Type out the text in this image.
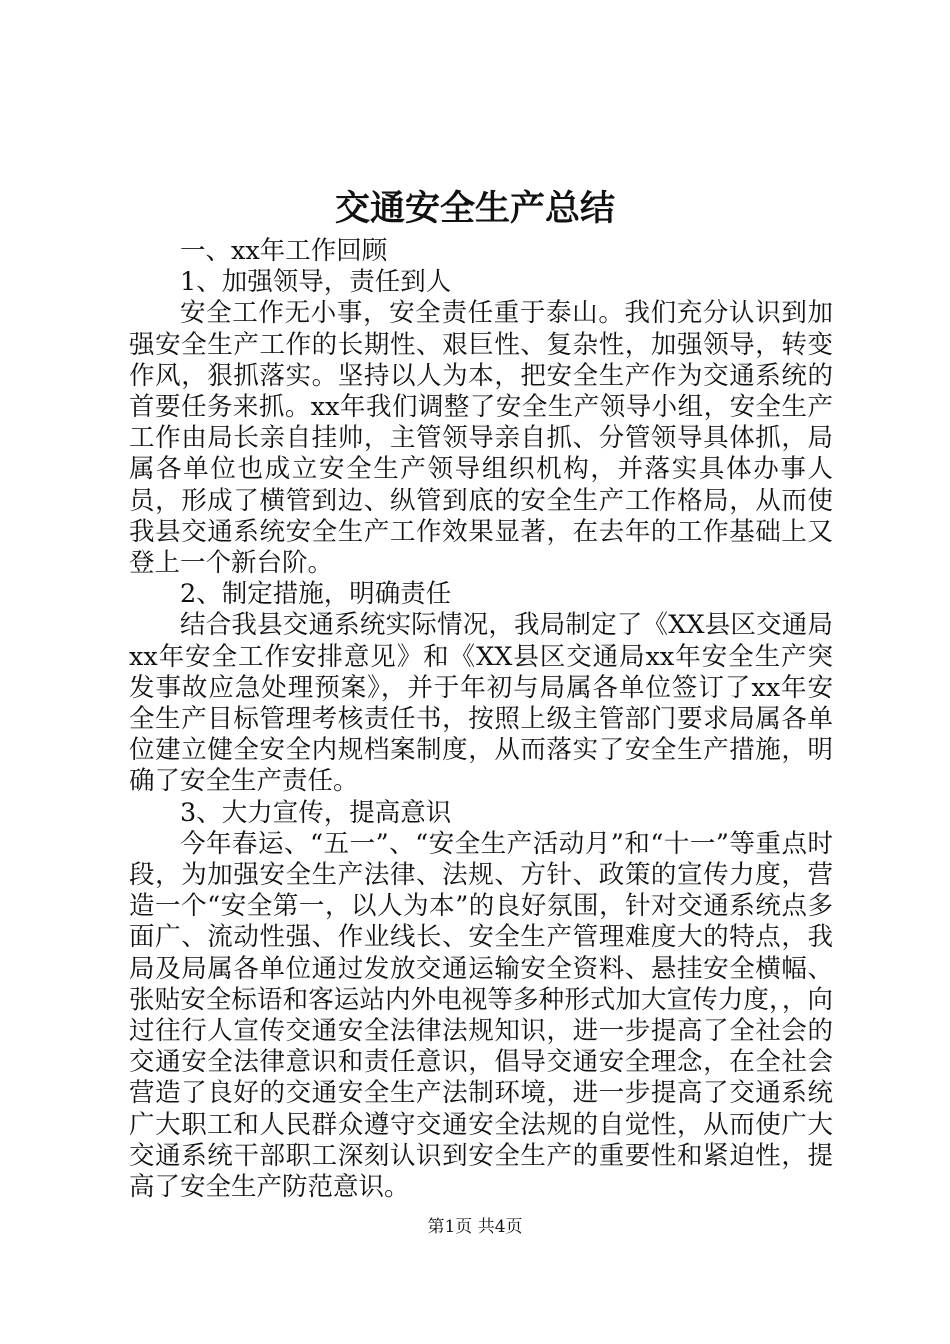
交通安全生产总结

一、xx年工作回顾

1、加强领导，责任到人

安全工作无小事，安全责任重于泰山。我们充分认识到加强安全生产工作的长期性、艰巨性、复杂性，加强领导，转变作风，狠抓落实。坚持以人为本，把安全生产作为交通系统的首要任务来抓。xx年我们调整了安全生产领导小组，安全生产工作由局长亲自挂帅，主管领导亲自抓、分管领导具体抓，局属各单位也成立安全生产领导组织机构，并落实具体办事人员，形成了横管到边、纵管到底的安全生产工作格局，从而使我县交通系统安全生产工作效果显著，在去年的工作基础上又登上一个新台阶。

2、制定措施，明确责任

结合我县交通系统实际情况，我局制定了《XX县区交通局xx年安全工作安排意见》和《XX县区交通局xx年安全生产突发事故应急处理预案》，并于年初与局属各单位签订了xx年安全生产目标管理考核责任书，按照上级主管部门要求局属各单位建立健全安全内规档案制度，从而落实了安全生产措施，明确了安全生产责任。

3、大力宣传，提高意识

今年春运、“五一”、“安全生产活动月”和“十一”等重点时段，为加强安全生产法律、法规、方针、政策的宣传力度，营造一个“安全第一，以人为本”的良好氛围，针对交通系统点多面广、流动性强、作业线长、安全生产管理难度大的特点，我局及局属各单位通过发放交通运输安全资料、悬挂安全横幅、张贴安全标语和客运站内外电视等多种形式加大宣传力度，，向过往行人宣传交通安全法律法规知识，进一步提高了全社会的交通安全法律意识和责任意识，倡导交通安全理念，在全社会营造了良好的交通安全生产法制环境，进一步提高了交通系统广大职工和人民群众遵守交通安全法规的自觉性，从而使广大交通系统干部职工深刻认识到安全生产的重要性和紧迫性，提高了安全生产防范意识。

第1页 共4页
